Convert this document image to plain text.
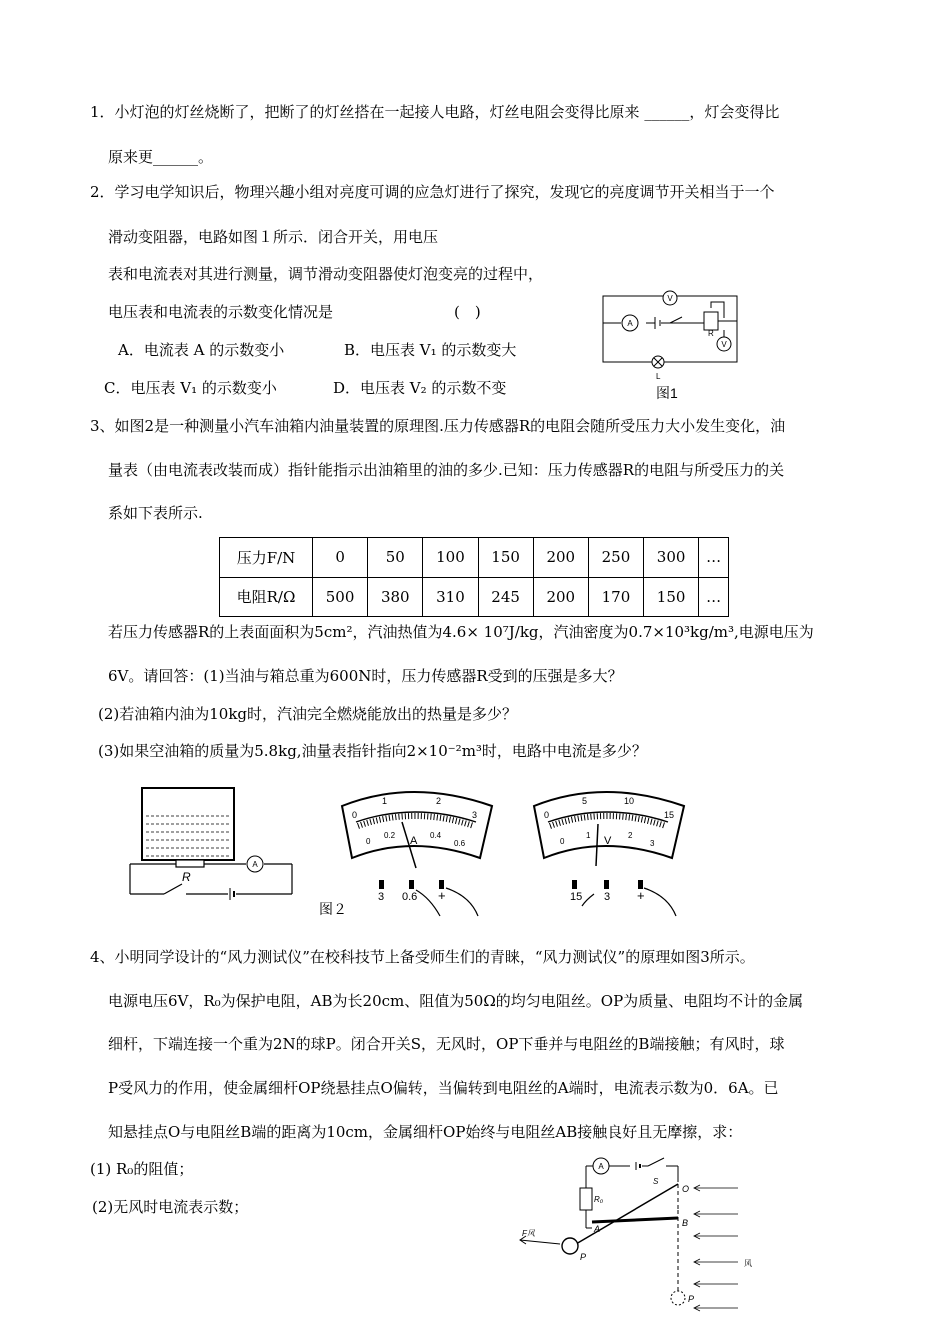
1．小灯泡的灯丝烧断了，把断了的灯丝搭在一起接人电路，灯丝电阻会变得比原来 ______，灯会变得比
原来更______。
2．学习电学知识后，物理兴趣小组对亮度可调的应急灯进行了探究，发现它的亮度调节开关相当于一个
滑动变阻器，电路如图１所示．闭合开关，用电压
表和电流表对其进行测量，调节滑动变阻器使灯泡变亮的过程中，
电压表和电流表的示数变化情况是	(　)
A．电流表 A 的示数变小	B．电压表 V₁ 的示数变大
C．电压表 V₁ 的示数变小	D．电压表 V₂ 的示数不变
A
V
V
R
L
图1
3、如图2是一种测量小汽车油箱内油量装置的原理图.压力传感器R的电阻会随所受压力大小发生变化，油
量表（由电流表改装而成）指针能指示出油箱里的油的多少.已知：压力传感器R的电阻与所受压力的关
系如下表所示.
压力F/N	0	50	100	150	200	250	300	…
电阻R/Ω	500	380	310	245	200	170	150	…
若压力传感器R的上表面面积为5cm²，汽油热值为4.6× 10⁷J/kg，汽油密度为0.7×10³kg/m³,电源电压为
6V。请回答：(1)当油与箱总重为600N时，压力传感器R受到的压强是多大？
(2)若油箱内油为10kg时，汽油完全燃烧能放出的热量是多少？
(3)如果空油箱的质量为5.8kg,油量表指针指向2×10⁻²m³时，电路中电流是多少？
A
R
0
1	2
3
0
0.2 A 0.4
0.6
3 0.6 +
0
5	10
15
0
1 V 2
3
15 3 +
图２
4、小明同学设计的“风力测试仪”在校科技节上备受师生们的青睐，“风力测试仪”的原理如图3所示。
电源电压6V，R₀为保护电阻，AB为长20cm、阻值为50Ω的均匀电阻丝。OP为质量、电阻均不计的金属
细杆，下端连接一个重为2N的球P。闭合开关S，无风时，OP下垂并与电阻丝的B端接触；有风时，球
P受风力的作用，使金属细杆OP绕悬挂点O偏转，当偏转到电阻丝的A端时，电流表示数为0．6A。已
知悬挂点O与电阻丝B端的距离为10cm，金属细杆OP始终与电阻丝AB接触良好且无摩擦，求：
(1) R₀的阻值；
(2)无风时电流表示数；
A
S
R₀
O
A
B
P
P
F风
风
